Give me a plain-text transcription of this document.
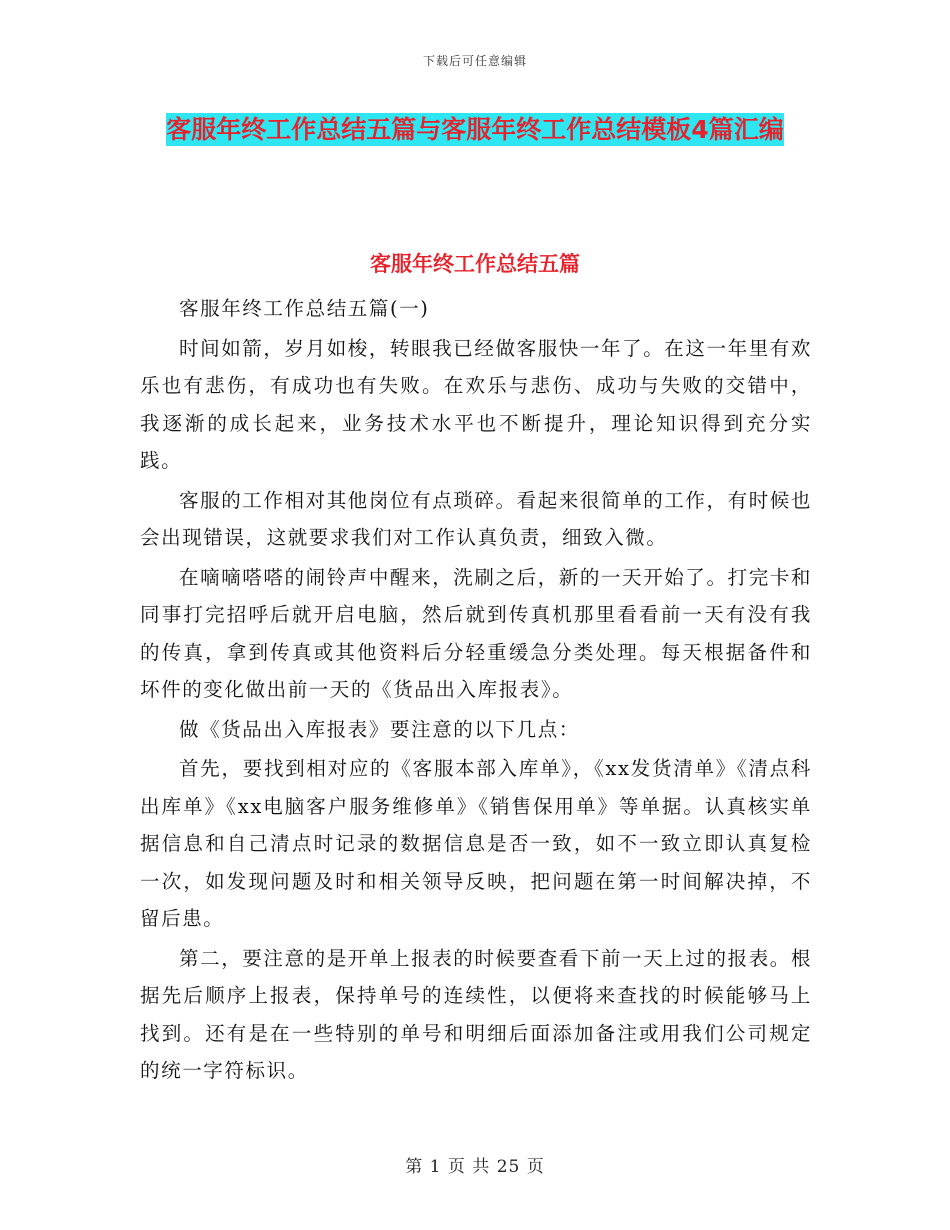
下载后可任意编辑
客服年终工作总结五篇与客服年终工作总结模板4篇汇编
客服年终工作总结五篇

客服年终工作总结五篇(一)

时间如箭，岁月如梭，转眼我已经做客服快一年了。在这一年里有欢乐也有悲伤，有成功也有失败。在欢乐与悲伤、成功与失败的交错中，我逐渐的成长起来，业务技术水平也不断提升，理论知识得到充分实践。

客服的工作相对其他岗位有点琐碎。看起来很简单的工作，有时候也会出现错误，这就要求我们对工作认真负责，细致入微。

在嘀嘀嗒嗒的闹铃声中醒来，洗刷之后，新的一天开始了。打完卡和同事打完招呼后就开启电脑，然后就到传真机那里看看前一天有没有我的传真，拿到传真或其他资料后分轻重缓急分类处理。每天根据备件和坏件的变化做出前一天的《货品出入库报表》。

做《货品出入库报表》要注意的以下几点：

首先，要找到相对应的《客服本部入库单》，《xx发货清单》《清点科出库单》《xx电脑客户服务维修单》《销售保用单》等单据。认真核实单据信息和自己清点时记录的数据信息是否一致，如不一致立即认真复检一次，如发现问题及时和相关领导反映，把问题在第一时间解决掉，不留后患。

第二，要注意的是开单上报表的时候要查看下前一天上过的报表。根据先后顺序上报表，保持单号的连续性，以便将来查找的时候能够马上找到。还有是在一些特别的单号和明细后面添加备注或用我们公司规定的统一字符标识。

第 1 页 共 25 页
